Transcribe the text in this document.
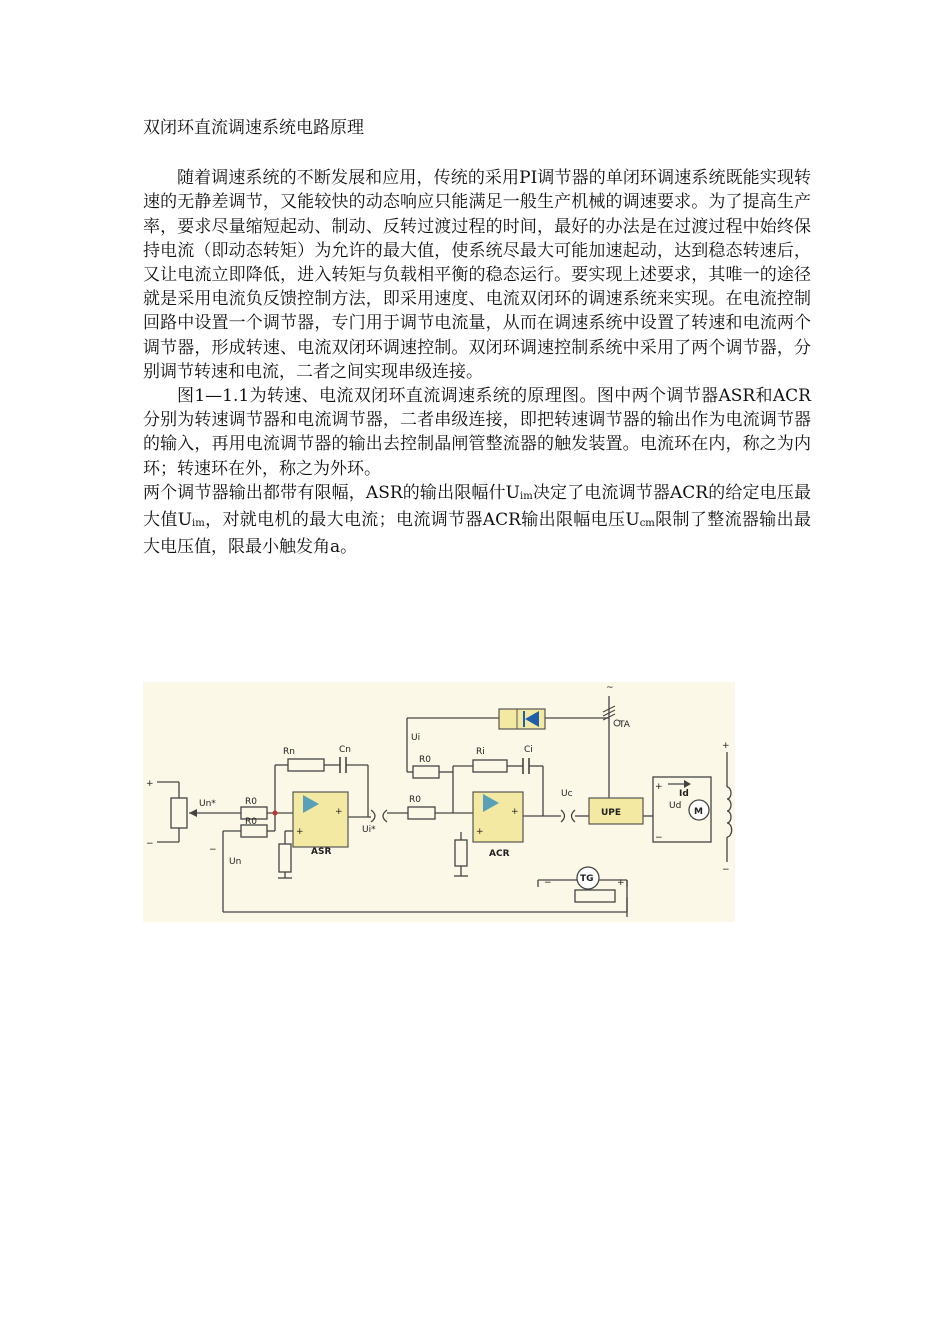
双闭环直流调速系统电路原理

随着调速系统的不断发展和应用，传统的采用PI调节器的单闭环调速系统既能实现转速的无静差调节，又能较快的动态响应只能满足一般生产机械的调速要求。为了提高生产率，要求尽量缩短起动、制动、反转过渡过程的时间，最好的办法是在过渡过程中始终保持电流（即动态转矩）为允许的最大值，使系统尽最大可能加速起动，达到稳态转速后，又让电流立即降低，进入转矩与负载相平衡的稳态运行。要实现上述要求，其唯一的途径就是采用电流负反馈控制方法，即采用速度、电流双闭环的调速系统来实现。在电流控制回路中设置一个调节器，专门用于调节电流量，从而在调速系统中设置了转速和电流两个调节器，形成转速、电流双闭环调速控制。双闭环调速控制系统中采用了两个调节器，分别调节转速和电流，二者之间实现串级连接。

图1—1.1为转速、电流双闭环直流调速系统的原理图。图中两个调节器ASR和ACR分别为转速调节器和电流调节器，二者串级连接，即把转速调节器的输出作为电流调节器的输入，再用电流调节器的输出去控制晶闸管整流器的触发装置。电流环在内，称之为内环；转速环在外，称之为外环。

两个调节器输出都带有限幅，ASR的输出限幅什$U_{im}$决定了电流调节器ACR的给定电压最大值$U_{im}$，对就电机的最大电流；电流调节器ACR输出限幅电压$U_{cm}$限制了整流器输出最大电压值，限最小触发角a。

+
−
Un*	R0
R0
Rn	Cn
ASR
+
+	Ui*
R0
R0
Ui
Ri	Ci
ACR
+
+
Uc
UPE
Ud
Id
M
+
−
+
−
TG
−	+
TA
~
Un
−
